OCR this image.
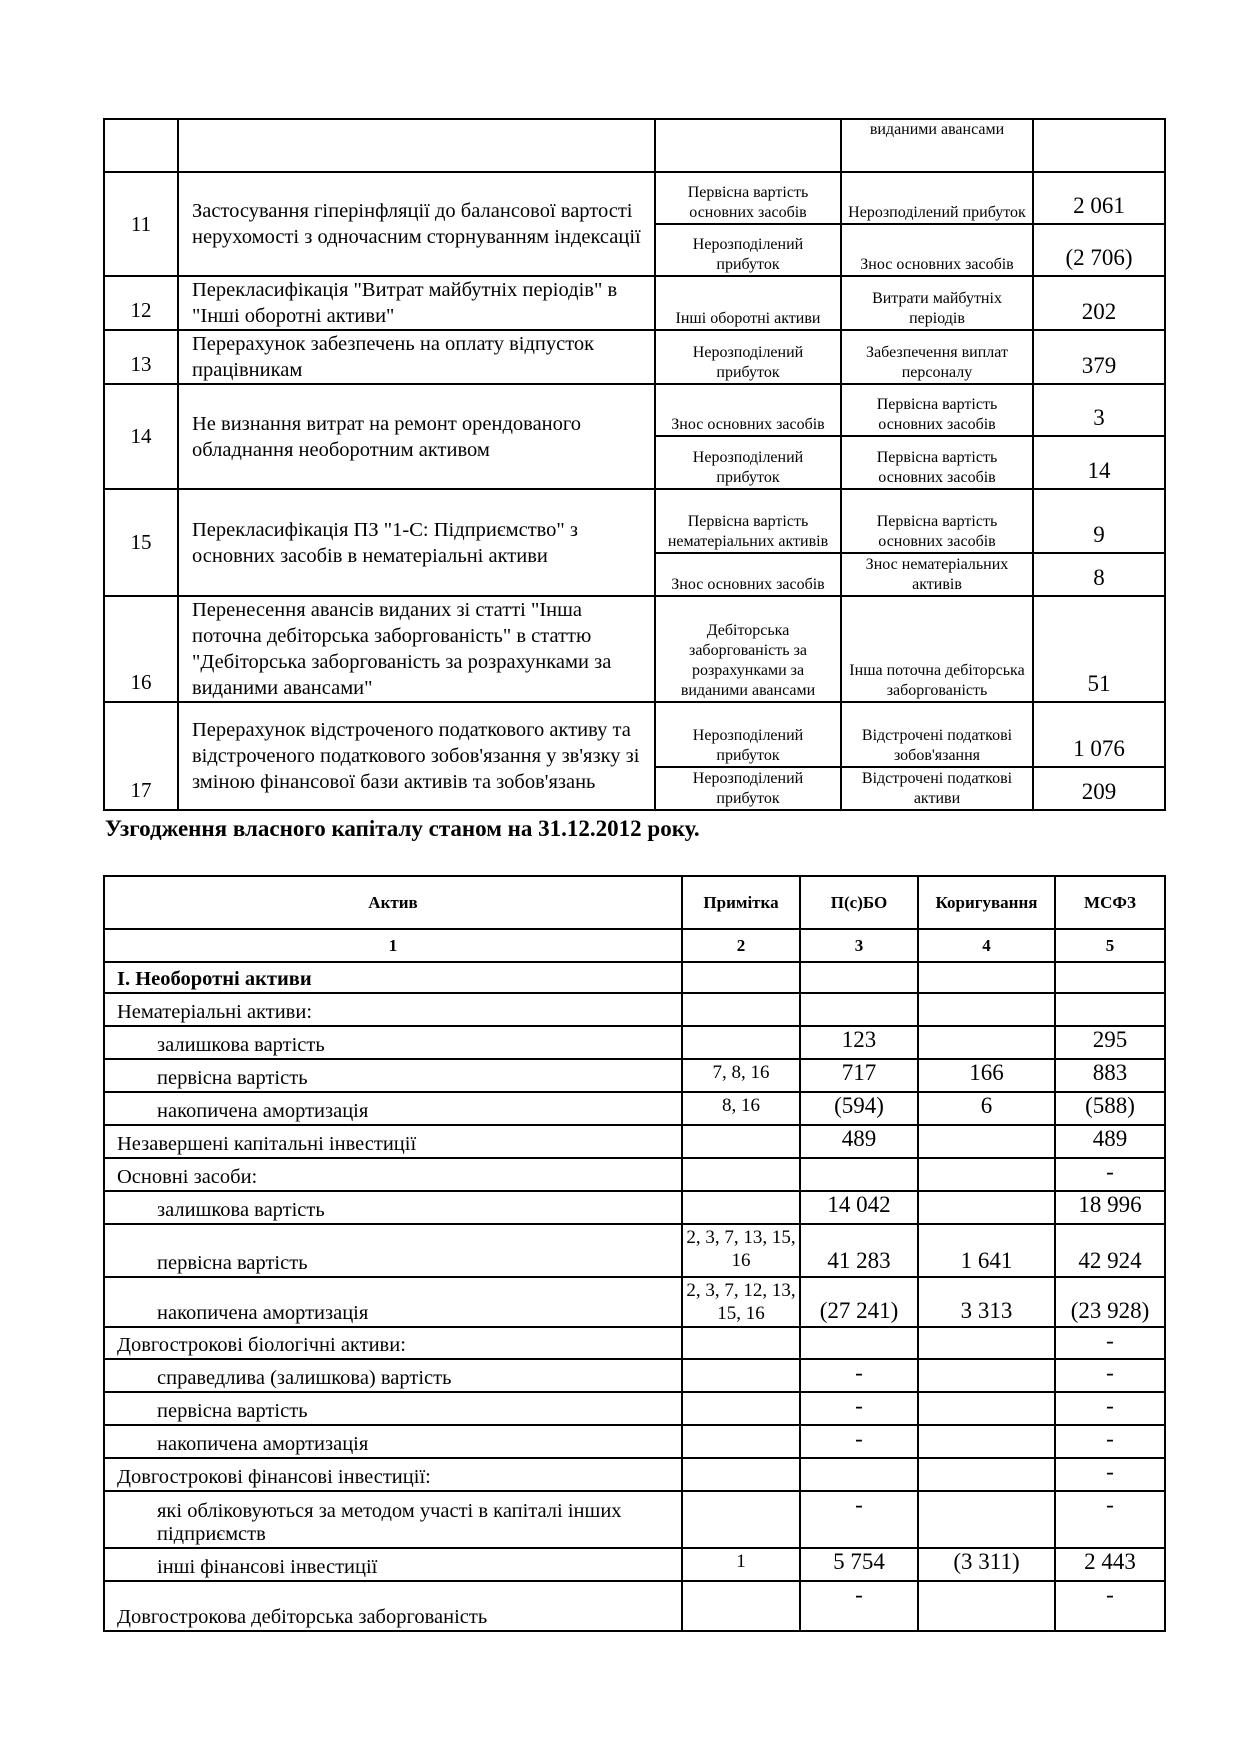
			виданими авансами	
11	Застосування гіперінфляції до балансової вартості нерухомості з одночасним сторнуванням індексації	Первісна вартість основних засобів	Нерозподілений прибуток	2 061
		Нерозподілений прибуток	Знос основних засобів	(2 706)
12	Перекласифікація "Витрат майбутніх періодів" в "Інші оборотні активи"	Інші оборотні активи	Витрати майбутніх періодів	202
13	Перерахунок забезпечень на оплату відпусток працівникам	Нерозподілений прибуток	Забезпечення виплат персоналу	379
14	Не визнання витрат на ремонт орендованого обладнання необоротним активом	Знос основних засобів	Первісна вартість основних засобів	3
		Нерозподілений прибуток	Первісна вартість основних засобів	14
15	Перекласифікація ПЗ "1-С: Підприємство" з основних засобів в нематеріальні активи	Первісна вартість нематеріальних активів	Первісна вартість основних засобів	9
		Знос основних засобів	Знос нематеріальних активів	8
16	Перенесення авансів виданих зі статті "Інша поточна дебіторська заборгованість" в статтю "Дебіторська заборгованість за розрахунками за виданими авансами"	Дебіторська заборгованість за розрахунками за виданими авансами	Інша поточна дебіторська заборгованість	51
17	Перерахунок відстроченого податкового активу та відстроченого податкового зобов'язання у зв'язку зі зміною фінансової бази активів та зобов'язань	Нерозподілений прибуток	Відстрочені податкові зобов'язання	1 076
		Нерозподілений прибуток	Відстрочені податкові активи	209
Узгодження власного капіталу станом на 31.12.2012 року.
Актив	Примітка	П(с)БО	Коригування	МСФЗ
1	2	3	4	5
І. Необоротні активи				
Нематеріальні активи:				
залишкова вартість		123		295
первісна вартість	7, 8, 16	717	166	883
накопичена амортизація	8, 16	(594)	6	(588)
Незавершені капітальні інвестиції		489		489
Основні засоби:				-
залишкова вартість		14 042		18 996
первісна вартість	2, 3, 7, 13, 15, 16	41 283	1 641	42 924
накопичена амортизація	2, 3, 7, 12, 13, 15, 16	(27 241)	3 313	(23 928)
Довгострокові біологічні активи:				-
справедлива (залишкова) вартість		-		-
первісна вартість		-		-
накопичена амортизація		-		-
Довгострокові фінансові інвестиції:				-
які обліковуються за методом участі в капіталі інших підприємств		-		-
інші фінансові інвестиції	1	5 754	(3 311)	2 443
Довгострокова дебіторська заборгованість		-		-
